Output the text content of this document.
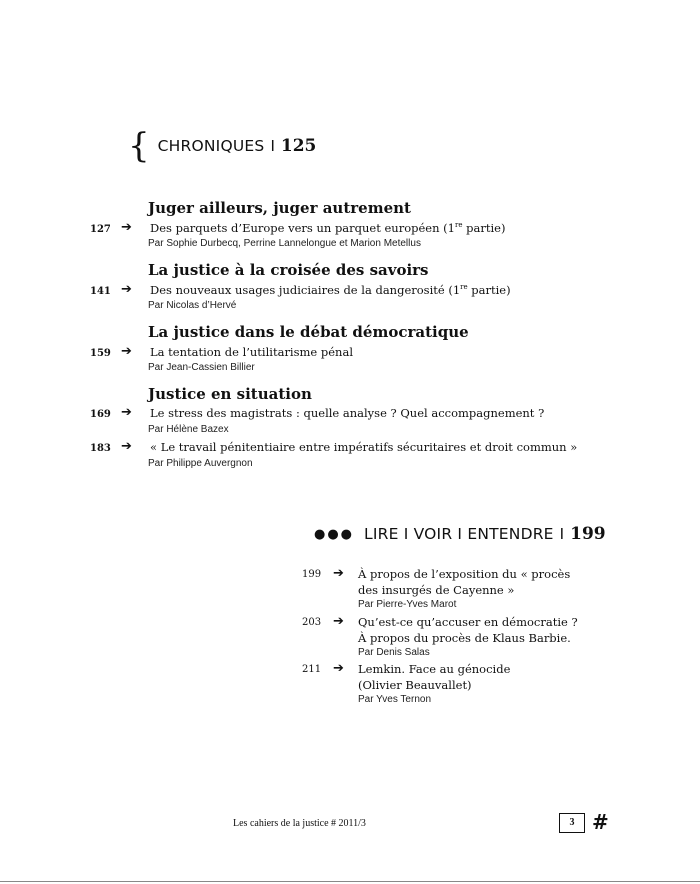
{ CHRONIQUES I 125
Juger ailleurs, juger autrement
127 ➔ Des parquets d’Europe vers un parquet européen (1re partie)
Par Sophie Durbecq, Perrine Lannelongue et Marion Metellus
La justice à la croisée des savoirs
141 ➔ Des nouveaux usages judiciaires de la dangerosité (1re partie)
Par Nicolas d’Hervé
La justice dans le débat démocratique
159 ➔ La tentation de l’utilitarisme pénal
Par Jean-Cassien Billier
Justice en situation
169 ➔ Le stress des magistrats : quelle analyse ? Quel accompagnement ?
Par Hélène Bazex
183 ➔ « Le travail pénitentiaire entre impératifs sécuritaires et droit commun »
Par Philippe Auvergnon
●●● LIRE I VOIR I ENTENDRE I 199
199 ➔ À propos de l’exposition du « procès
des insurgés de Cayenne »
Par Pierre-Yves Marot
203 ➔ Qu’est-ce qu’accuser en démocratie ?
À propos du procès de Klaus Barbie.
Par Denis Salas
211 ➔ Lemkin. Face au génocide
(Olivier Beauvallet)
Par Yves Ternon
Les cahiers de la justice # 2011/3	3 #
